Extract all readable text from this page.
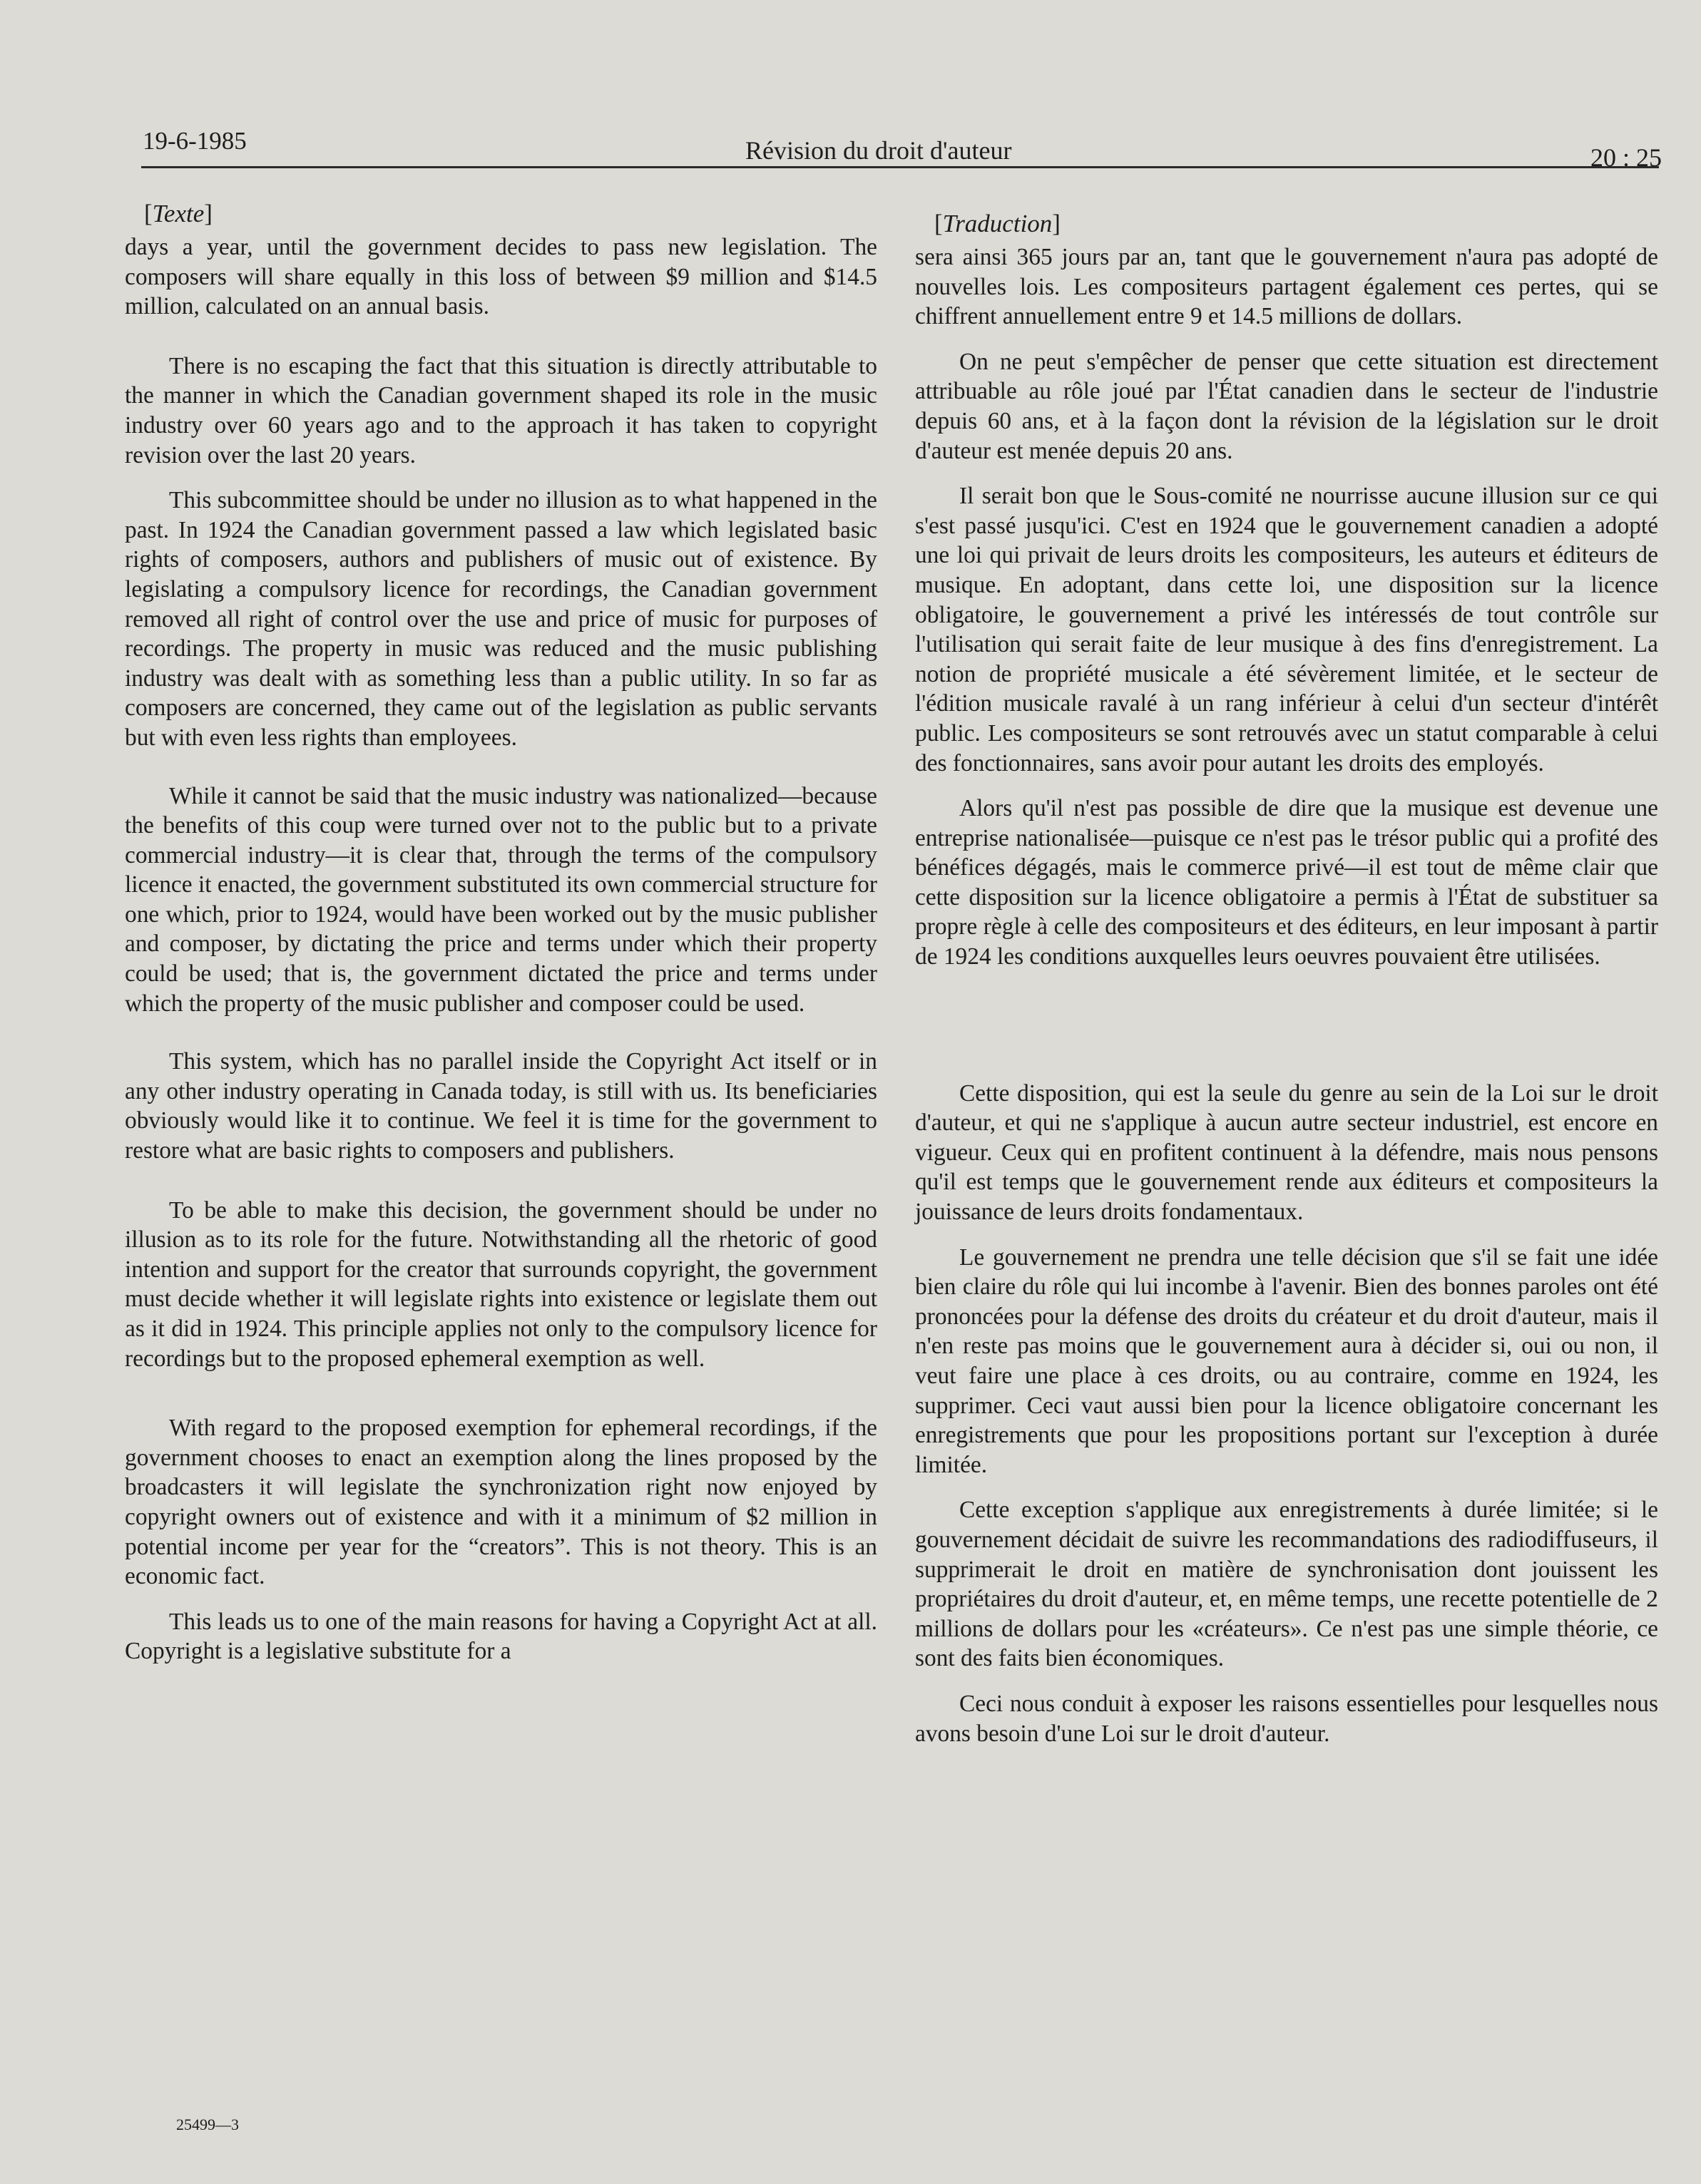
19-6-1985	Révision du droit d'auteur	20 : 25
[Texte]

days a year, until the government decides to pass new legislation. The composers will share equally in this loss of between $9 million and $14.5 million, calculated on an annual basis.

There is no escaping the fact that this situation is directly attributable to the manner in which the Canadian government shaped its role in the music industry over 60 years ago and to the approach it has taken to copyright revision over the last 20 years.

This subcommittee should be under no illusion as to what happened in the past. In 1924 the Canadian government passed a law which legislated basic rights of composers, authors and publishers of music out of existence. By legislating a compulsory licence for recordings, the Canadian government removed all right of control over the use and price of music for purposes of recordings. The property in music was reduced and the music publishing industry was dealt with as something less than a public utility. In so far as composers are concerned, they came out of the legislation as public servants but with even less rights than employees.

While it cannot be said that the music industry was nationalized—because the benefits of this coup were turned over not to the public but to a private commercial industry—it is clear that, through the terms of the compulsory licence it enacted, the government substituted its own commercial structure for one which, prior to 1924, would have been worked out by the music publisher and composer, by dictating the price and terms under which their property could be used; that is, the government dictated the price and terms under which the property of the music publisher and composer could be used.

This system, which has no parallel inside the Copyright Act itself or in any other industry operating in Canada today, is still with us. Its beneficiaries obviously would like it to continue. We feel it is time for the government to restore what are basic rights to composers and publishers.

To be able to make this decision, the government should be under no illusion as to its role for the future. Notwithstanding all the rhetoric of good intention and support for the creator that surrounds copyright, the government must decide whether it will legislate rights into existence or legislate them out as it did in 1924. This principle applies not only to the compulsory licence for recordings but to the proposed ephemeral exemption as well.

With regard to the proposed exemption for ephemeral recordings, if the government chooses to enact an exemption along the lines proposed by the broadcasters it will legislate the synchronization right now enjoyed by copyright owners out of existence and with it a minimum of $2 million in potential income per year for the “creators”. This is not theory. This is an economic fact.

This leads us to one of the main reasons for having a Copyright Act at all. Copyright is a legislative substitute for a

[Traduction]

sera ainsi 365 jours par an, tant que le gouvernement n'aura pas adopté de nouvelles lois. Les compositeurs partagent également ces pertes, qui se chiffrent annuellement entre 9 et 14.5 millions de dollars.

On ne peut s'empêcher de penser que cette situation est directement attribuable au rôle joué par l'État canadien dans le secteur de l'industrie depuis 60 ans, et à la façon dont la révision de la législation sur le droit d'auteur est menée depuis 20 ans.

Il serait bon que le Sous-comité ne nourrisse aucune illusion sur ce qui s'est passé jusqu'ici. C'est en 1924 que le gouvernement canadien a adopté une loi qui privait de leurs droits les compositeurs, les auteurs et éditeurs de musique. En adoptant, dans cette loi, une disposition sur la licence obligatoire, le gouvernement a privé les intéressés de tout contrôle sur l'utilisation qui serait faite de leur musique à des fins d'enregistrement. La notion de propriété musicale a été sévèrement limitée, et le secteur de l'édition musicale ravalé à un rang inférieur à celui d'un secteur d'intérêt public. Les compositeurs se sont retrouvés avec un statut comparable à celui des fonctionnaires, sans avoir pour autant les droits des employés.

Alors qu'il n'est pas possible de dire que la musique est devenue une entreprise nationalisée—puisque ce n'est pas le trésor public qui a profité des bénéfices dégagés, mais le commerce privé—il est tout de même clair que cette disposition sur la licence obligatoire a permis à l'État de substituer sa propre règle à celle des compositeurs et des éditeurs, en leur imposant à partir de 1924 les conditions auxquelles leurs oeuvres pouvaient être utilisées.

Cette disposition, qui est la seule du genre au sein de la Loi sur le droit d'auteur, et qui ne s'applique à aucun autre secteur industriel, est encore en vigueur. Ceux qui en profitent continuent à la défendre, mais nous pensons qu'il est temps que le gouvernement rende aux éditeurs et compositeurs la jouissance de leurs droits fondamentaux.

Le gouvernement ne prendra une telle décision que s'il se fait une idée bien claire du rôle qui lui incombe à l'avenir. Bien des bonnes paroles ont été prononcées pour la défense des droits du créateur et du droit d'auteur, mais il n'en reste pas moins que le gouvernement aura à décider si, oui ou non, il veut faire une place à ces droits, ou au contraire, comme en 1924, les supprimer. Ceci vaut aussi bien pour la licence obligatoire concernant les enregistrements que pour les propositions portant sur l'exception à durée limitée.

Cette exception s'applique aux enregistrements à durée limitée; si le gouvernement décidait de suivre les recommandations des radiodiffuseurs, il supprimerait le droit en matière de synchronisation dont jouissent les propriétaires du droit d'auteur, et, en même temps, une recette potentielle de 2 millions de dollars pour les «créateurs». Ce n'est pas une simple théorie, ce sont des faits bien économiques.

Ceci nous conduit à exposer les raisons essentielles pour lesquelles nous avons besoin d'une Loi sur le droit d'auteur.

25499—3
